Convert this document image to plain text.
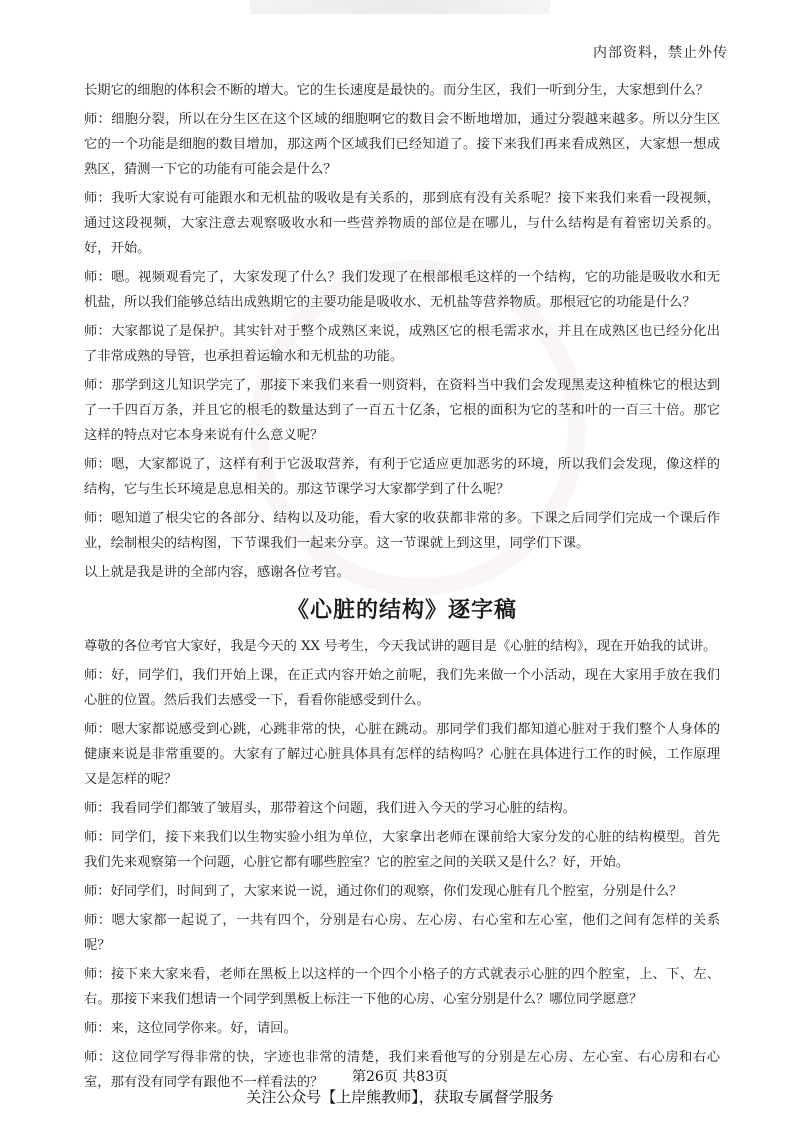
内部资料，禁止外传

长期它的细胞的体积会不断的增大。它的生长速度是最快的。而分生区，我们一听到分生，大家想到什么？

师：细胞分裂，所以在分生区在这个区域的细胞啊它的数目会不断地增加，通过分裂越来越多。所以分生区它的一个功能是细胞的数目增加，那这两个区域我们已经知道了。接下来我们再来看成熟区，大家想一想成熟区，猜测一下它的功能有可能会是什么？

师：我听大家说有可能跟水和无机盐的吸收是有关系的，那到底有没有关系呢？接下来我们来看一段视频，通过这段视频，大家注意去观察吸收水和一些营养物质的部位是在哪儿，与什么结构是有着密切关系的。好，开始。

师：嗯。视频观看完了，大家发现了什么？我们发现了在根部根毛这样的一个结构，它的功能是吸收水和无机盐，所以我们能够总结出成熟期它的主要功能是吸收水、无机盐等营养物质。那根冠它的功能是什么？

师：大家都说了是保护。其实针对于整个成熟区来说，成熟区它的根毛需求水，并且在成熟区也已经分化出了非常成熟的导管，也承担着运输水和无机盐的功能。

师：那学到这儿知识学完了，那接下来我们来看一则资料，在资料当中我们会发现黑麦这种植株它的根达到了一千四百万条，并且它的根毛的数量达到了一百五十亿条，它根的面积为它的茎和叶的一百三十倍。那它这样的特点对它本身来说有什么意义呢？

师：嗯，大家都说了，这样有利于它汲取营养，有利于它适应更加恶劣的环境，所以我们会发现，像这样的结构，它与生长环境是息息相关的。那这节课学习大家都学到了什么呢？

师：嗯知道了根尖它的各部分、结构以及功能，看大家的收获都非常的多。下课之后同学们完成一个课后作业，绘制根尖的结构图，下节课我们一起来分享。这一节课就上到这里，同学们下课。

以上就是我是讲的全部内容，感谢各位考官。

《心脏的结构》逐字稿

尊敬的各位考官大家好，我是今天的 XX 号考生，今天我试讲的题目是《心脏的结构》，现在开始我的试讲。

师：好，同学们，我们开始上课，在正式内容开始之前呢，我们先来做一个小活动，现在大家用手放在我们心脏的位置。然后我们去感受一下，看看你能感受到什么。

师：嗯大家都说感受到心跳，心跳非常的快，心脏在跳动。那同学们我们都知道心脏对于我们整个人身体的健康来说是非常重要的。大家有了解过心脏具体具有怎样的结构吗？心脏在具体进行工作的时候，工作原理又是怎样的呢？

师：我看同学们都皱了皱眉头，那带着这个问题，我们进入今天的学习心脏的结构。

师：同学们，接下来我们以生物实验小组为单位，大家拿出老师在课前给大家分发的心脏的结构模型。首先我们先来观察第一个问题，心脏它都有哪些腔室？它的腔室之间的关联又是什么？好，开始。

师：好同学们，时间到了，大家来说一说，通过你们的观察，你们发现心脏有几个腔室，分别是什么？

师：嗯大家都一起说了，一共有四个，分别是右心房、左心房、右心室和左心室，他们之间有怎样的关系呢？

师：接下来大家来看，老师在黑板上以这样的一个四个小格子的方式就表示心脏的四个腔室，上、下、左、右。那接下来我们想请一个同学到黑板上标注一下他的心房、心室分别是什么？哪位同学愿意？

师：来，这位同学你来。好，请回。

师：这位同学写得非常的快，字迹也非常的清楚，我们来看他写的分别是左心房、左心室、右心房和右心室，那有没有同学有跟他不一样看法的？	第26页 共83页
关注公众号【上岸熊教师】，获取专属督学服务
